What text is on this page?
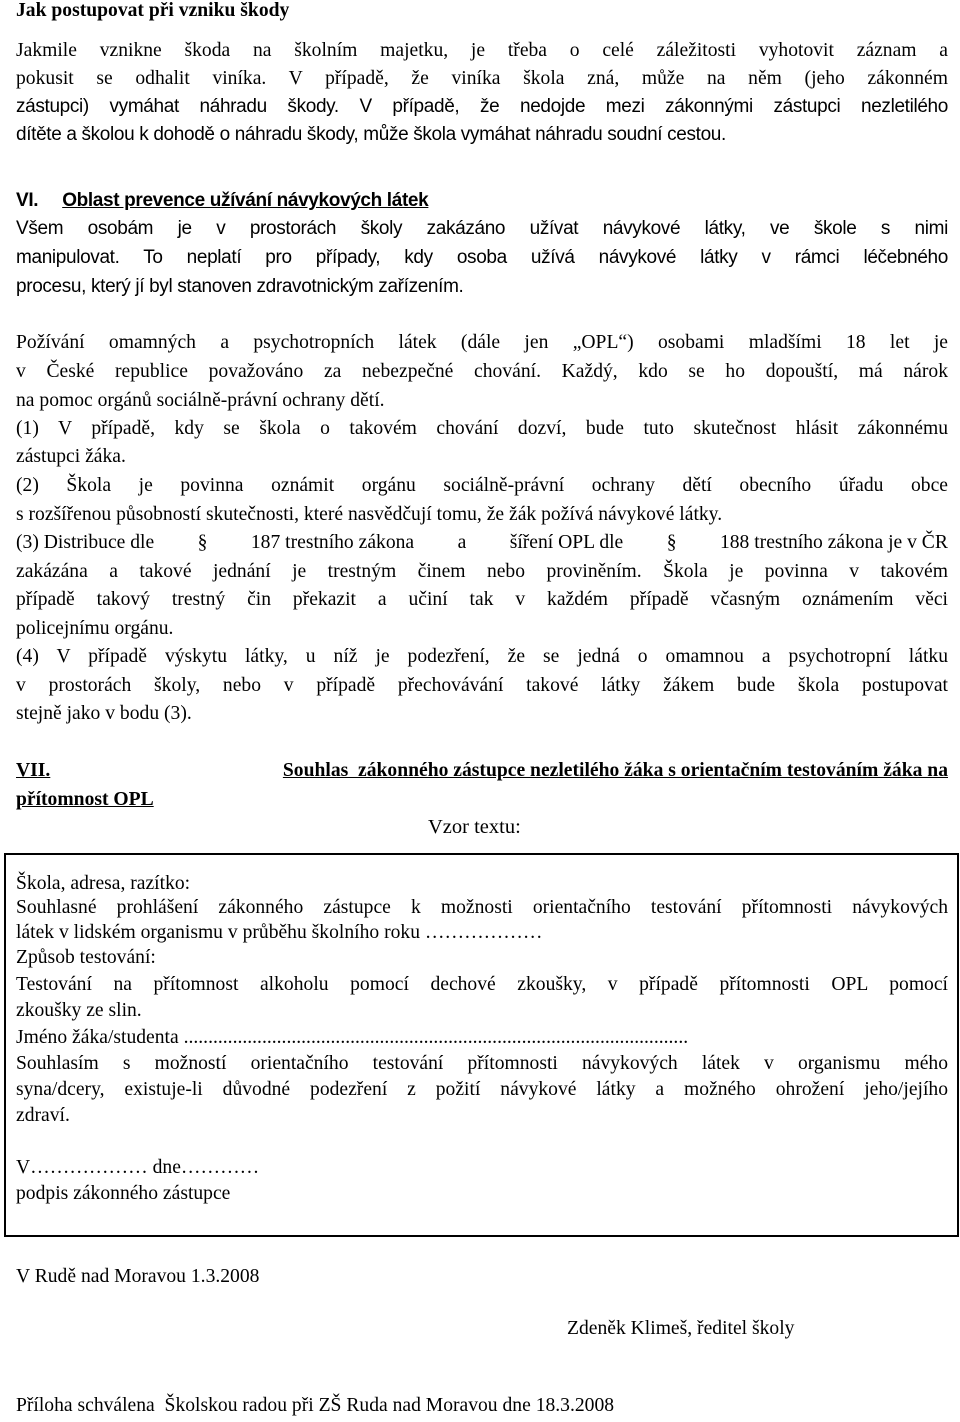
Jak postupovat při vzniku škody

Jakmile vznikne škoda na školním majetku, je třeba o celé záležitosti vyhotovit záznam a

pokusit se odhalit viníka. V případě, že viníka škola zná, může na něm (jeho zákonném

zástupci) vymáhat náhradu škody. V případě, že nedojde mezi zákonnými zástupci nezletilého

dítěte a školou k dohodě o náhradu škody, může škola vymáhat náhradu soudní cestou.

VI. Oblast prevence užívání návykových látek

Všem osobám je v prostorách školy zakázáno užívat návykové látky, ve škole s nimi

manipulovat. To neplatí pro případy, kdy osoba užívá návykové látky v rámci léčebného

procesu, který jí byl stanoven zdravotnickým zařízením.

Požívání omamných a psychotropních látek (dále jen „OPL“) osobami mladšími 18 let je

v České republice považováno za nebezpečné chování. Každý, kdo se ho dopouští, má nárok

na pomoc orgánů sociálně-právní ochrany dětí.

(1) V případě, kdy se škola o takovém chování dozví, bude tuto skutečnost hlásit zákonnému

zástupci žáka.

(2) Škola je povinna oznámit orgánu sociálně-právní ochrany dětí obecního úřadu obce

s rozšířenou působností skutečnosti, které nasvědčují tomu, že žák požívá návykové látky.

(3) Distribuce dle § 187 trestního zákona a šíření OPL dle § 188 trestního zákona je v ČR

zakázána a takové jednání je trestným činem nebo proviněním. Škola je povinna v takovém

případě takový trestný čin překazit a učiní tak v každém případě včasným oznámením věci

policejnímu orgánu.

(4) V případě výskytu látky, u níž je podezření, že se jedná o omamnou a psychotropní látku

v prostorách školy, nebo v případě přechovávání takové látky žákem bude škola postupovat

stejně jako v bodu (3).

VII.	Souhlas  zákonného zástupce nezletilého žáka s orientačním testováním žáka na

přítomnost OPL

Vzor textu:

Škola, adresa, razítko:

Souhlasné prohlášení zákonného zástupce k možnosti orientačního testování přítomnosti návykových

látek v lidském organismu v průběhu školního roku ………………

Způsob testování:

Testování na přítomnost alkoholu pomocí dechové zkoušky, v případě přítomnosti OPL pomocí

zkoušky ze slin.

Jméno žáka/studenta .......................................................................................................

Souhlasím s možností orientačního testování přítomnosti návykových látek v organismu mého

syna/dcery, existuje-li důvodné podezření z požití návykové látky a možného ohrožení jeho/jejího

zdraví.

V……………… dne…………

podpis zákonného zástupce

V Rudě nad Moravou 1.3.2008

Zdeněk Klimeš, ředitel školy

Příloha schválena  Školskou radou při ZŠ Ruda nad Moravou dne 18.3.2008
